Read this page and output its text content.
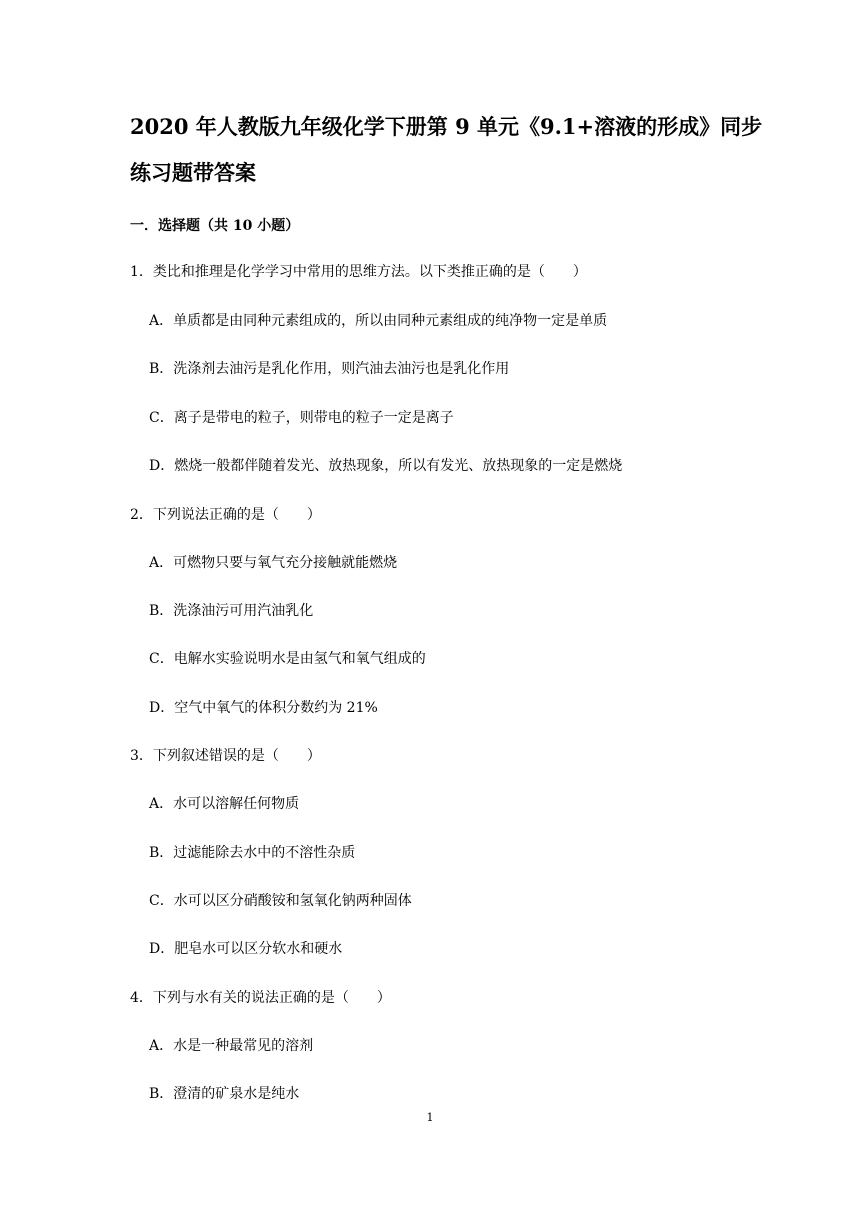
2020 年人教版九年级化学下册第 9 单元《9.1+溶液的形成》同步
练习题带答案
一．选择题（共 10 小题）
1．类比和推理是化学学习中常用的思维方法。以下类推正确的是（　　）
A．单质都是由同种元素组成的，所以由同种元素组成的纯净物一定是单质
B．洗涤剂去油污是乳化作用，则汽油去油污也是乳化作用
C．离子是带电的粒子，则带电的粒子一定是离子
D．燃烧一般都伴随着发光、放热现象，所以有发光、放热现象的一定是燃烧
2．下列说法正确的是（　　）
A．可燃物只要与氧气充分接触就能燃烧
B．洗涤油污可用汽油乳化
C．电解水实验说明水是由氢气和氧气组成的
D．空气中氧气的体积分数约为 21%
3．下列叙述错误的是（　　）
A．水可以溶解任何物质
B．过滤能除去水中的不溶性杂质
C．水可以区分硝酸铵和氢氧化钠两种固体
D．肥皂水可以区分软水和硬水
4．下列与水有关的说法正确的是（　　）
A．水是一种最常见的溶剂
B．澄清的矿泉水是纯水
1
